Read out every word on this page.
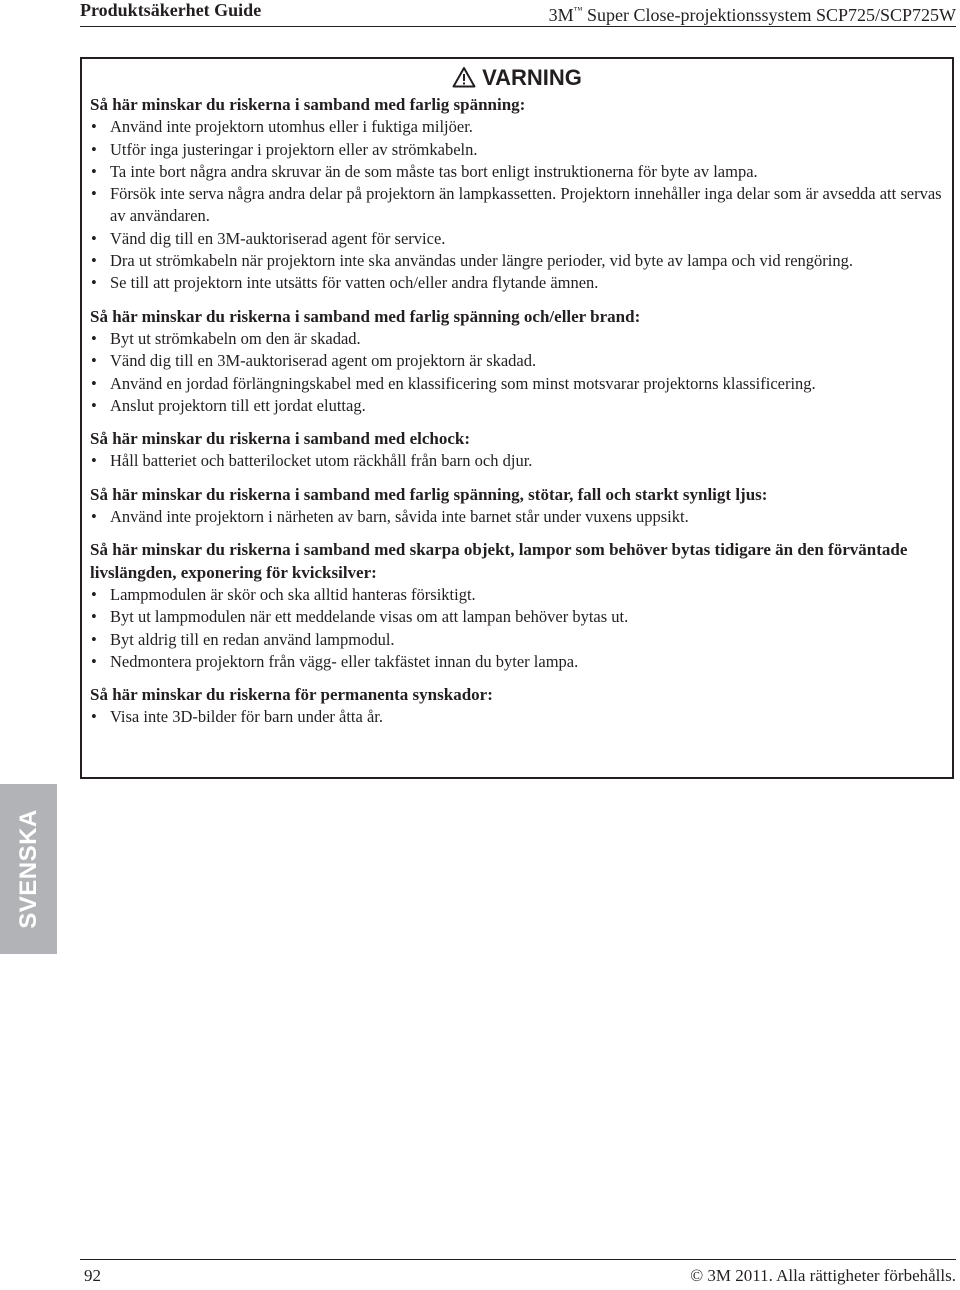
Produktsäkerhet Guide	3M™ Super Close-projektionssystem SCP725/SCP725W
VARNING
Så här minskar du riskerna i samband med farlig spänning:
• Använd inte projektorn utomhus eller i fuktiga miljöer.
• Utför inga justeringar i projektorn eller av strömkabeln.
• Ta inte bort några andra skruvar än de som måste tas bort enligt instruktionerna för byte av lampa.
• Försök inte serva några andra delar på projektorn än lampkassetten. Projektorn innehåller inga delar som är avsedda att servas av användaren.
• Vänd dig till en 3M-auktoriserad agent för service.
• Dra ut strömkabeln när projektorn inte ska användas under längre perioder, vid byte av lampa och vid rengöring.
• Se till att projektorn inte utsätts för vatten och/eller andra flytande ämnen.
Så här minskar du riskerna i samband med farlig spänning och/eller brand:
• Byt ut strömkabeln om den är skadad.
• Vänd dig till en 3M-auktoriserad agent om projektorn är skadad.
• Använd en jordad förlängningskabel med en klassificering som minst motsvarar projektorns klassificering.
• Anslut projektorn till ett jordat eluttag.
Så här minskar du riskerna i samband med elchock:
• Håll batteriet och batterilocket utom räckhåll från barn och djur.
Så här minskar du riskerna i samband med farlig spänning, stötar, fall och starkt synligt ljus:
• Använd inte projektorn i närheten av barn, såvida inte barnet står under vuxens uppsikt.
Så här minskar du riskerna i samband med skarpa objekt, lampor som behöver bytas tidigare än den förväntade livslängden, exponering för kvicksilver:
• Lampmodulen är skör och ska alltid hanteras försiktigt.
• Byt ut lampmodulen när ett meddelande visas om att lampan behöver bytas ut.
• Byt aldrig till en redan använd lampmodul.
• Nedmontera projektorn från vägg- eller takfästet innan du byter lampa.
Så här minskar du riskerna för permanenta synskador:
• Visa inte 3D-bilder för barn under åtta år.
SVENSKA
92	© 3M 2011. Alla rättigheter förbehålls.
